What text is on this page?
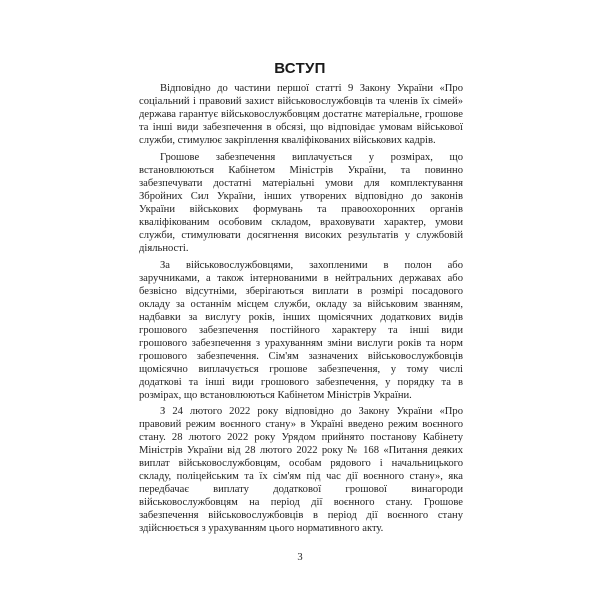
ВСТУП
Відповідно до частини першої статті 9 Закону України «Про
соціальний і правовий захист військовослужбовців та членів їх сімей»
держава гарантує військовослужбовцям достатнє матеріальне, грошове
та інші види забезпечення в обсязі, що відповідає умовам військової
служби, стимулює закріплення кваліфікованих військових кадрів.
Грошове забезпечення виплачується у розмірах, що
встановлюються Кабінетом Міністрів України, та повинно
забезпечувати достатні матеріальні умови для комплектування
Збройних Сил України, інших утворених відповідно до законів
України військових формувань та правоохоронних органів
кваліфікованим особовим складом, враховувати характер, умови
служби, стимулювати досягнення високих результатів у службовій
діяльності.
За військовослужбовцями, захопленими в полон або
заручниками, а також інтернованими в нейтральних державах або
безвісно відсутніми, зберігаються виплати в розмірі посадового
окладу за останнім місцем служби, окладу за військовим званням,
надбавки за вислугу років, інших щомісячних додаткових видів
грошового забезпечення постійного характеру та інші види
грошового забезпечення з урахуванням зміни вислуги років та норм
грошового забезпечення. Сім'ям зазначених військовослужбовців
щомісячно виплачується грошове забезпечення, у тому числі
додаткові та інші види грошового забезпечення, у порядку та в
розмірах, що встановлюються Кабінетом Міністрів України.
З 24 лютого 2022 року відповідно до Закону України «Про
правовий режим воєнного стану» в Україні введено режим воєнного
стану. 28 лютого 2022 року Урядом прийнято постанову Кабінету
Міністрів України від 28 лютого 2022 року № 168 «Питання деяких
виплат військовослужбовцям, особам рядового і начальницького
складу, поліцейським та їх сім'ям під час дії воєнного стану», яка
передбачає виплату додаткової грошової винагороди
військовослужбовцям на період дії воєнного стану. Грошове
забезпечення військовослужбовців в період дії воєнного стану
здійснюється з урахуванням цього нормативного акту.
3
